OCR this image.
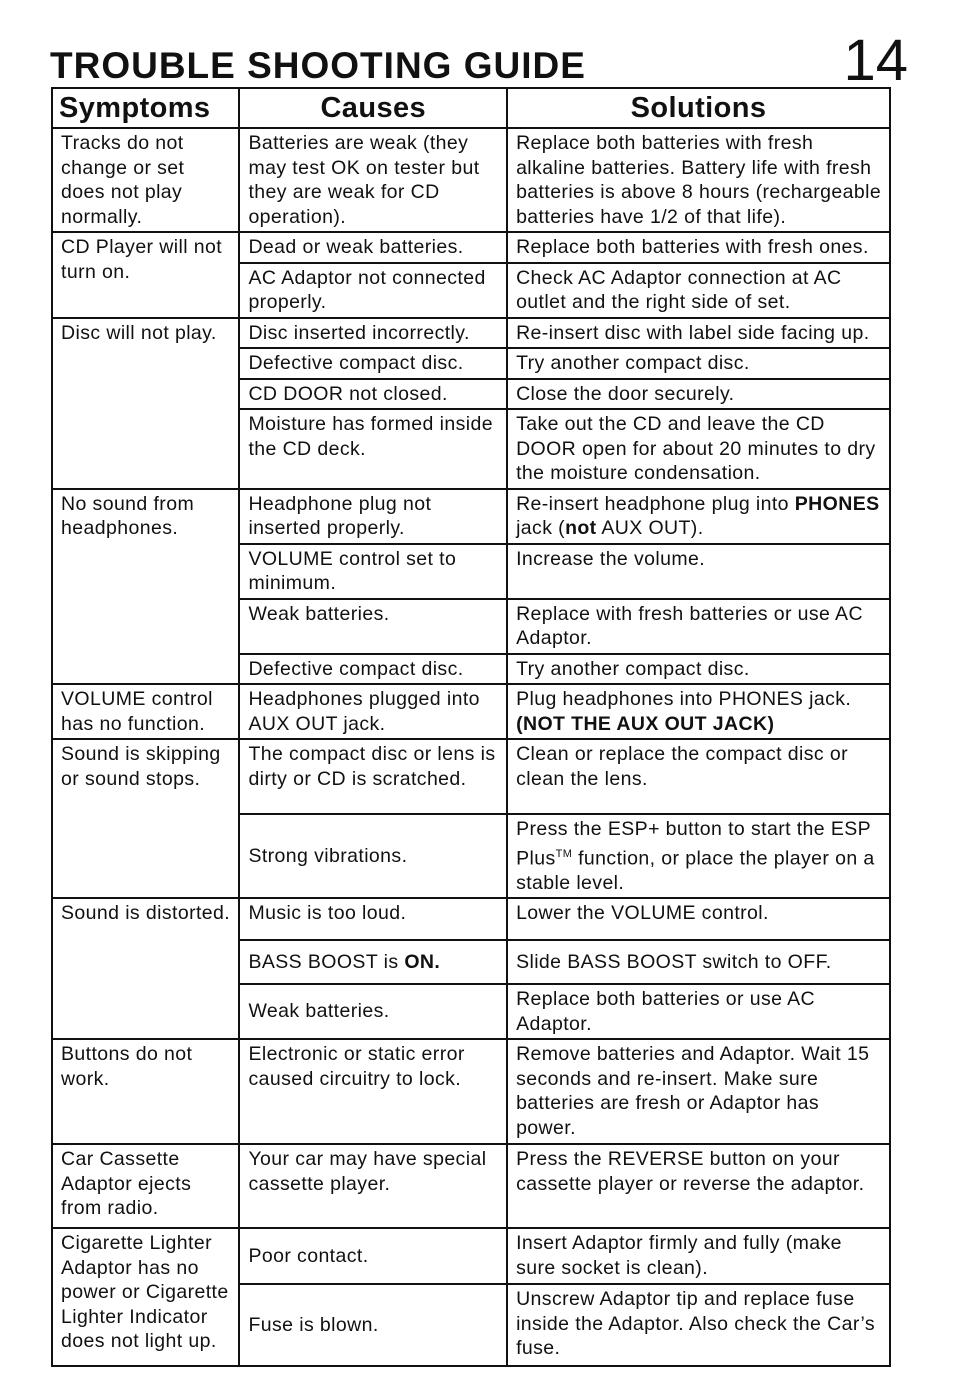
TROUBLE SHOOTING GUIDE	14
Symptoms	Causes	Solutions
Tracks do not change or set does not play normally.	Batteries are weak (they may test OK on tester but they are weak for CD operation).	Replace both batteries with fresh alkaline batteries. Battery life with fresh batteries is above 8 hours (rechargeable batteries have 1/2 of that life).
CD Player will not turn on.	Dead or weak batteries.	Replace both batteries with fresh ones.
	AC Adaptor not connected properly.	Check AC Adaptor connection at AC outlet and the right side of set.
Disc will not play.	Disc inserted incorrectly.	Re-insert disc with label side facing up.
	Defective compact disc.	Try another compact disc.
	CD DOOR not closed.	Close the door securely.
	Moisture has formed inside the CD deck.	Take out the CD and leave the CD DOOR open for about 20 minutes to dry the moisture condensation.
No sound from headphones.	Headphone plug not inserted properly.	Re-insert headphone plug into PHONES jack (not AUX OUT).
	VOLUME control set to minimum.	Increase the volume.
	Weak batteries.	Replace with fresh batteries or use AC Adaptor.
	Defective compact disc.	Try another compact disc.
VOLUME control has no function.	Headphones plugged into AUX OUT jack.	Plug headphones into PHONES jack. (NOT THE AUX OUT JACK)
Sound is skipping or sound stops.	The compact disc or lens is dirty or CD is scratched.	Clean or replace the compact disc or clean the lens.
	Strong vibrations.	Press the ESP+ button to start the ESP Plus™ function, or place the player on a stable level.
Sound is distorted.	Music is too loud.	Lower the VOLUME control.
	BASS BOOST is ON.	Slide BASS BOOST switch to OFF.
	Weak batteries.	Replace both batteries or use AC Adaptor.
Buttons do not work.	Electronic or static error caused circuitry to lock.	Remove batteries and Adaptor. Wait 15 seconds and re-insert. Make sure batteries are fresh or Adaptor has power.
Car Cassette Adaptor ejects from radio.	Your car may have special cassette player.	Press the REVERSE button on your cassette player or reverse the adaptor.
Cigarette Lighter Adaptor has no power or Cigarette Lighter Indicator does not light up.	Poor contact.	Insert Adaptor firmly and fully (make sure socket is clean).
	Fuse is blown.	Unscrew Adaptor tip and replace fuse inside the Adaptor. Also check the Car’s fuse.
